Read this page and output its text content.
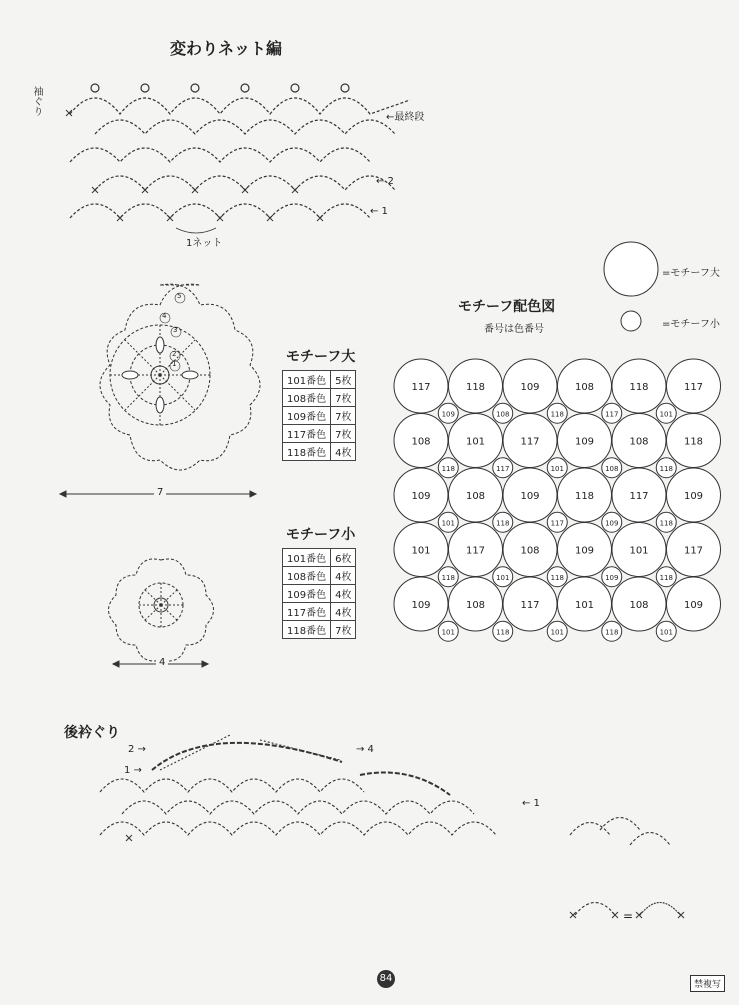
変わりネット編
袖ぐり
←最終段
← 2
← 1
1ネット
117	118	109	108	118	117
108	101	117	109	108	118
109	108	109	118	117	109
101	117	108	109	101	117
109	108	117	101	108	109
109	108	118	117	101
118	117	101	108	118
101	118	117	109	118
118	101	118	109	118
101	118	101	118	101
1
2
3
4
5
7
4
モチーフ大
101番色	5枚
108番色	7枚
109番色	7枚
117番色	7枚
118番色	4枚
モチーフ小
101番色	6枚
108番色	4枚
109番色	4枚
117番色	4枚
118番色	7枚
モチーフ配色図
番号は色番号
=モチーフ大
=モチーフ小
後衿ぐり
2 →
1 →
→ 4
← 1
=
84
禁複写
